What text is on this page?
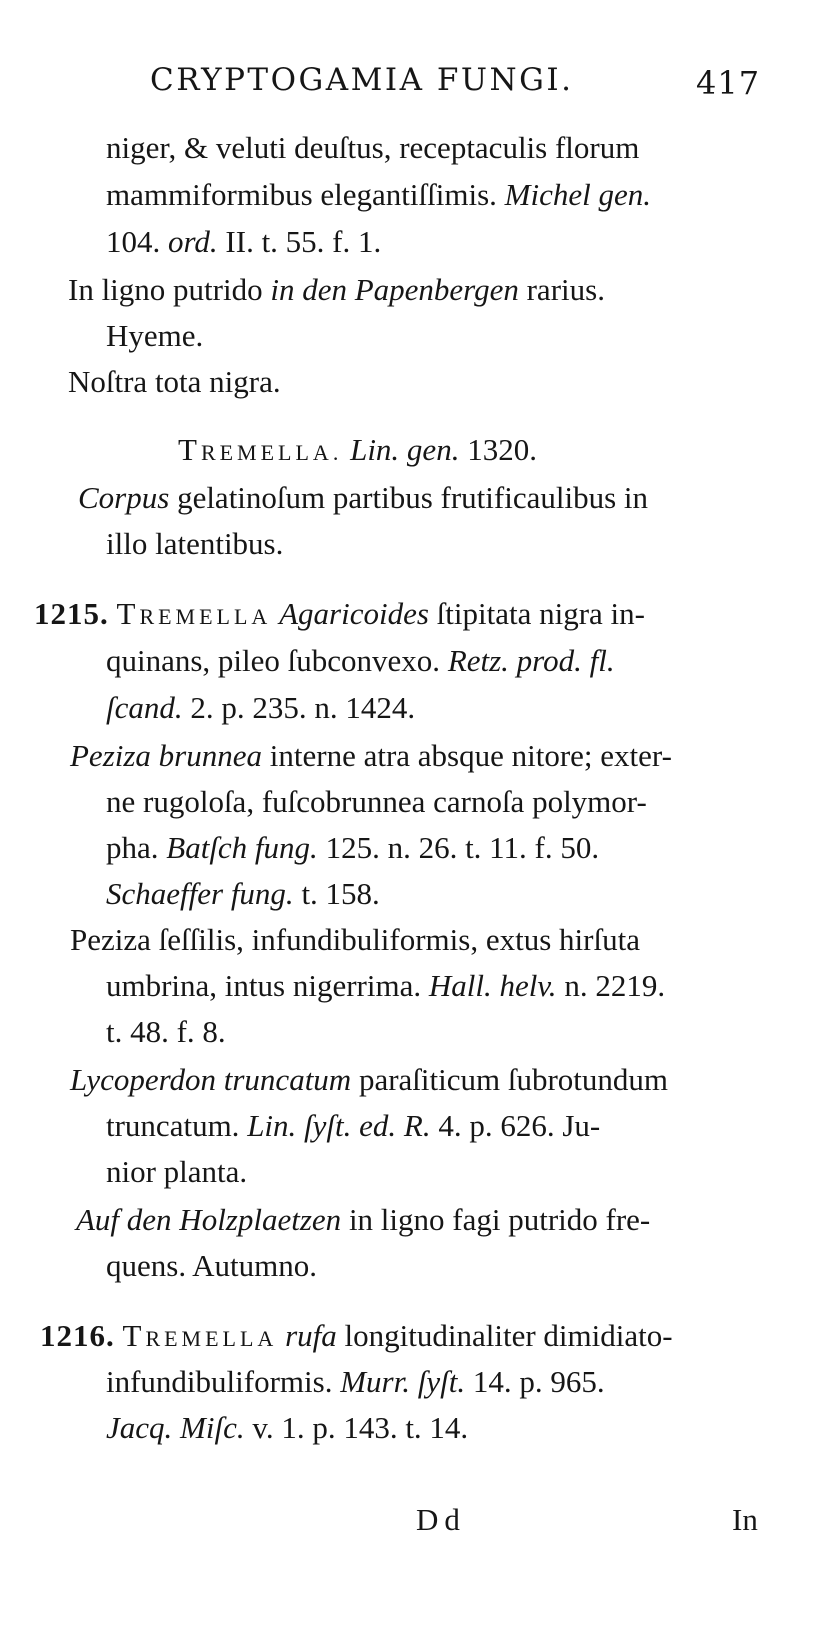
CRYPTOGAMIA FUNGI.	417
niger, & veluti deuſtus, receptaculis florum
mammiformibus elegantiſſimis. Michel gen.
104. ord. II. t. 55. f. 1.
In ligno putrido in den Papenbergen rarius.
Hyeme.
Noſtra tota nigra.
TREMELLA. Lin. gen. 1320.
Corpus gelatinoſum partibus frutificaulibus in
illo latentibus.
1215. TREMELLA Agaricoides ſtipitata nigra in-
quinans, pileo ſubconvexo. Retz. prod. fl.
ſcand. 2. p. 235. n. 1424.
Peziza brunnea interne atra absque nitore; exter-
ne rugoloſa, fuſcobrunnea carnoſa polymor-
pha. Batſch fung. 125. n. 26. t. 11. f. 50.
Schaeffer fung. t. 158.
Peziza ſeſſilis, infundibuliformis, extus hirſuta
umbrina, intus nigerrima. Hall. helv. n. 2219.
t. 48. f. 8.
Lycoperdon truncatum paraſiticum ſubrotundum
truncatum. Lin. ſyſt. ed. R. 4. p. 626. Ju-
nior planta.
Auf den Holzplaetzen in ligno fagi putrido fre-
quens. Autumno.
1216. TREMELLA rufa longitudinaliter dimidiato-
infundibuliformis. Murr. ſyſt. 14. p. 965.
Jacq. Miſc. v. 1. p. 143. t. 14.
Dd	In
